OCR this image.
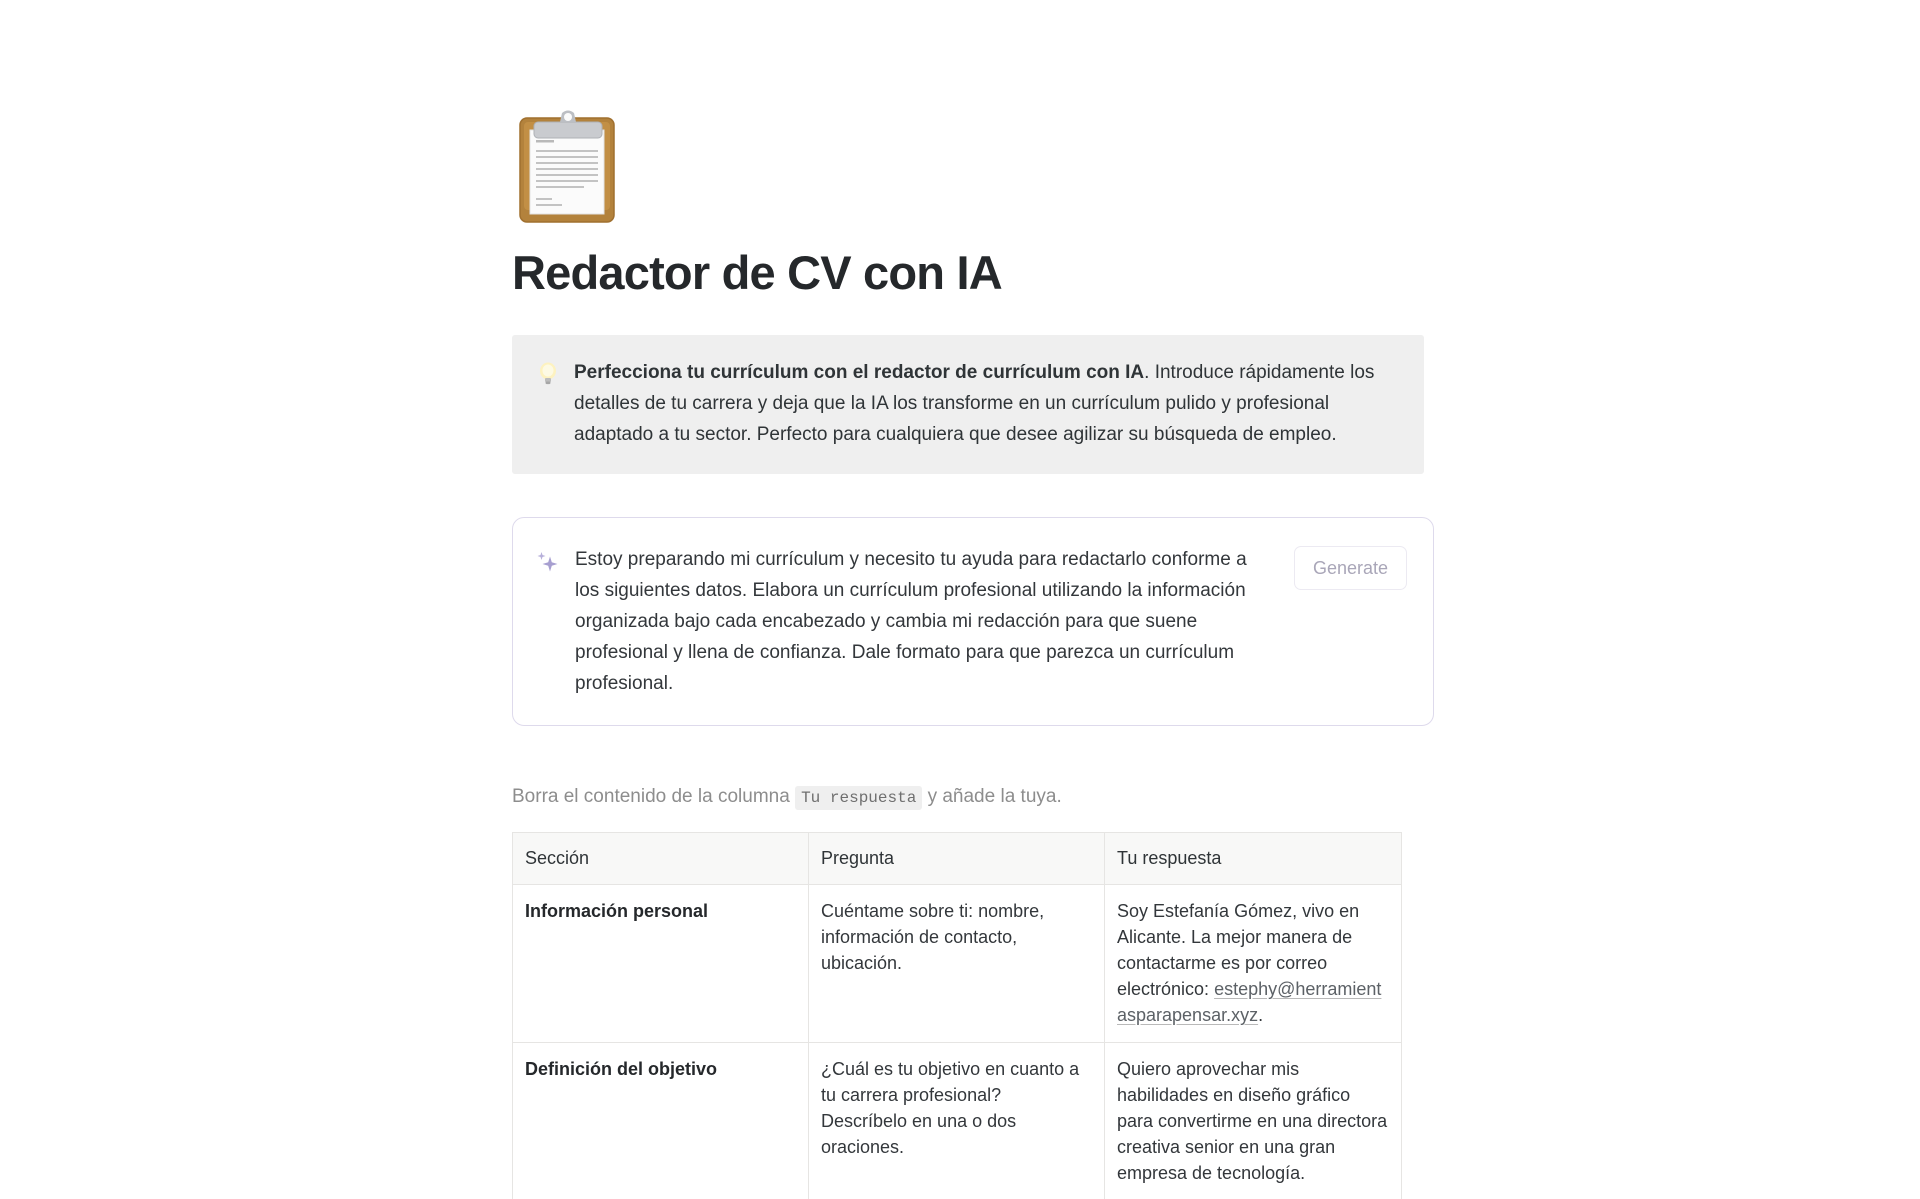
Redactor de CV con IA
Perfecciona tu currículum con el redactor de currículum con IA. Introduce rápidamente los detalles de tu carrera y deja que la IA los transforme en un currículum pulido y profesional adaptado a tu sector. Perfecto para cualquiera que desee agilizar su búsqueda de empleo.
Estoy preparando mi currículum y necesito tu ayuda para redactarlo conforme a los siguientes datos. Elabora un currículum profesional utilizando la información organizada bajo cada encabezado y cambia mi redacción para que suene profesional y llena de confianza. Dale formato para que parezca un currículum profesional.
Generate
Borra el contenido de la columna Tu respuesta y añade la tuya.
Sección	Pregunta	Tu respuesta
Información personal	Cuéntame sobre ti: nombre, información de contacto, ubicación.	Soy Estefanía Gómez, vivo en Alicante. La mejor manera de contactarme es por correo electrónico: estephy@herramientasparapensar.xyz.
Definición del objetivo	¿Cuál es tu objetivo en cuanto a tu carrera profesional? Descríbelo en una o dos oraciones.	Quiero aprovechar mis habilidades en diseño gráfico para convertirme en una directora creativa senior en una gran empresa de tecnología.
